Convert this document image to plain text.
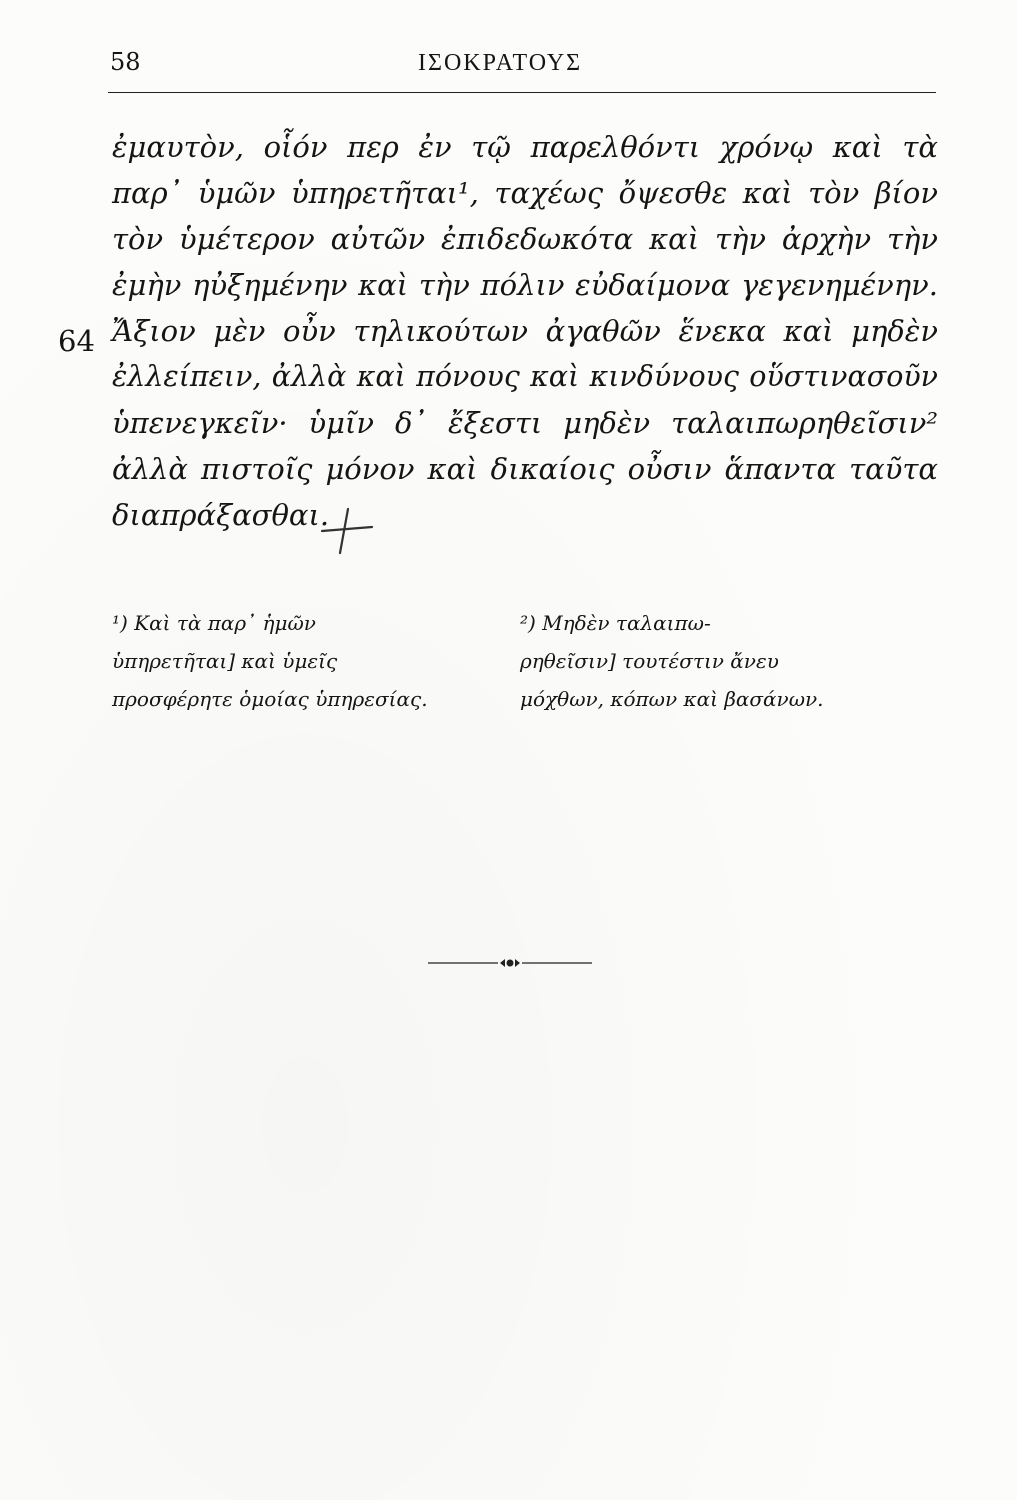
58	ΙΣΟΚΡΑΤΟΥΣ
64
ἐμαυτὸν, οἷόν περ ἐν τῷ παρελθόντι χρόνῳ καὶ τὰ
παρ᾽ ὑμῶν ὑπηρετῆται¹, ταχέως ὄψεσθε καὶ τὸν βίον
τὸν ὑμέτερον αὐτῶν ἐπιδεδωκότα καὶ τὴν ἀρχὴν τὴν
ἐμὴν ηὐξημένην καὶ τὴν πόλιν εὐδαίμονα γεγενημένην.
Ἄξιον μὲν οὖν τηλικούτων ἀγαθῶν ἕνεκα καὶ μηδὲν
ἐλλείπειν, ἀλλὰ καὶ πόνους καὶ κινδύνους οὕστινασοῦν
ὑπενεγκεῖν· ὑμῖν δ᾽ ἔξεστι μηδὲν ταλαιπωρηθεῖσιν²
ἀλλὰ πιστοῖς μόνον καὶ δικαίοις οὖσιν ἅπαντα ταῦτα
διαπράξασθαι.
¹) Καὶ τὰ παρ᾽ ἡμῶν
ὑπηρετῆται] καὶ ὑμεῖς
προσφέρητε ὁμοίας ὑπηρεσίας.
²) Μηδὲν ταλαιπω-
ρηθεῖσιν] τουτέστιν ἄνευ
μόχθων, κόπων καὶ βασάνων.
